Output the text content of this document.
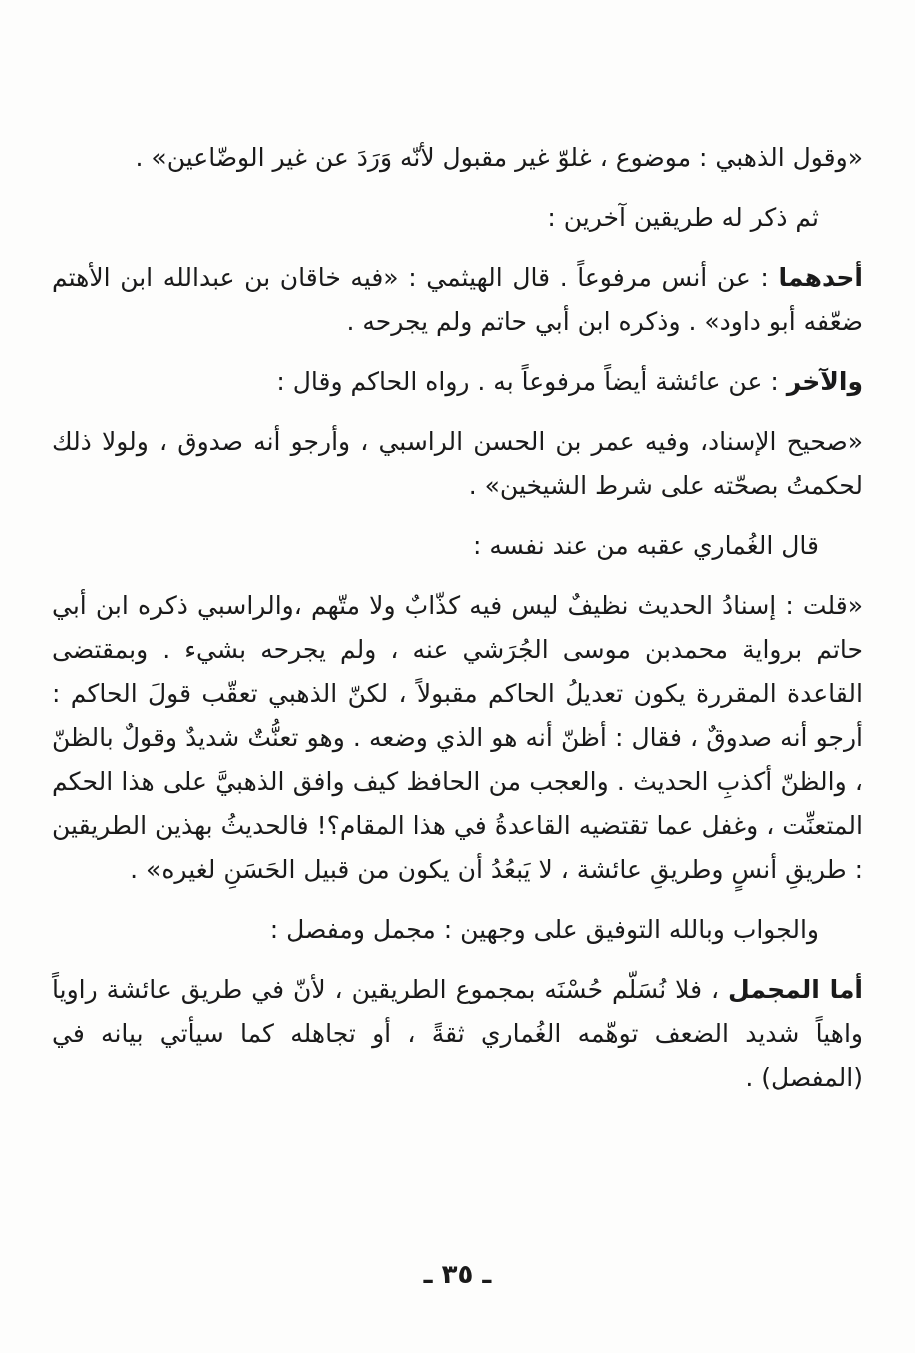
«وقول الذهبي : موضوع ، غلوّ غير مقبول لأنّه وَرَدَ عن غير الوضّاعين» .

ثم ذكر له طريقين آخرين :

أحدهما : عن أنس مرفوعاً . قال الهيثمي : «فيه خاقان بن عبدالله ابن الأهتم ضعّفه أبو داود» . وذكره ابن أبي حاتم ولم يجرحه .

والآخر : عن عائشة أيضاً مرفوعاً به . رواه الحاكم وقال :

«صحيح الإسناد، وفيه عمر بن الحسن الراسبي ، وأرجو أنه صدوق ، ولولا ذلك لحكمتُ بصحّته على شرط الشيخين» .

قال الغُماري عقبه من عند نفسه :

«قلت : إسنادُ الحديث نظيفٌ ليس فيه كذّابٌ ولا متّهم ،والراسبي ذكره ابن أبي حاتم برواية محمدبن موسى الجُرَشي عنه ، ولم يجرحه بشيء . وبمقتضى القاعدة المقررة يكون تعديلُ الحاكم مقبولاً ، لكنّ الذهبي تعقّب قولَ الحاكم : أرجو أنه صدوقٌ ، فقال : أظنّ أنه هو الذي وضعه . وهو تعنُّتٌ شديدٌ وقولٌ بالظنّ ، والظنّ أكذبِ الحديث . والعجب من الحافظ كيف وافق الذهبيَّ على هذا الحكم المتعنِّت ، وغفل عما تقتضيه القاعدةُ في هذا المقام؟! فالحديثُ بهذين الطريقين : طريقِ أنسٍ وطريقِ عائشة ، لا يَبعُدُ أن يكون من قبيل الحَسَنِ لغيره» .

والجواب وبالله التوفيق على وجهين : مجمل ومفصل :

أما المجمل ، فلا نُسَلّم حُسْنَه بمجموع الطريقين ، لأنّ في طريق عائشة راوياً واهياً شديد الضعف توهّمه الغُماري ثقةً ، أو تجاهله كما سيأتي بيانه في (المفصل) .

ـ ٣٥ ـ
